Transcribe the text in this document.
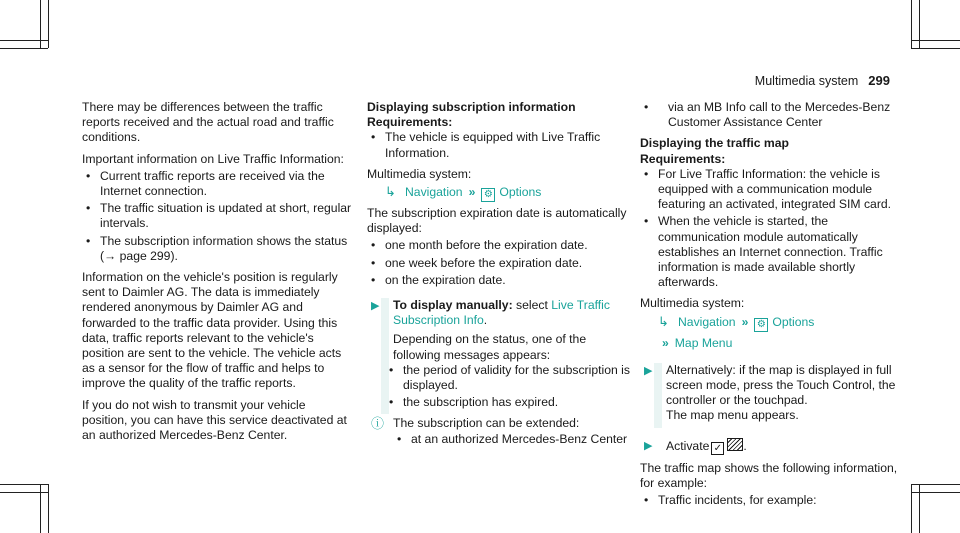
Multimedia system 299

There may be differences between the traffic reports received and the actual road and traffic conditions.

Important information on Live Traffic Information:

• Current traffic reports are received via the Internet connection.
• The traffic situation is updated at short, regular intervals.
• The subscription information shows the status (→ page 299).

Information on the vehicle's position is regularly sent to Daimler AG. The data is immediately rendered anonymous by Daimler AG and forwarded to the traffic data provider. Using this data, traffic reports relevant to the vehicle's position are sent to the vehicle. The vehicle acts as a sensor for the flow of traffic and helps to improve the quality of the traffic reports.

If you do not wish to transmit your vehicle position, you can have this service deactivated at an authorized Mercedes-Benz Center.

Displaying subscription information
Requirements:
• The vehicle is equipped with Live Traffic Information.
Multimedia system:
↳ Navigation » ⚙ Options

The subscription expiration date is automatically displayed:

• one month before the expiration date.
• one week before the expiration date.
• on the expiration date.
▶ To display manually: select Live Traffic Subscription Info.
Depending on the status, one of the following messages appears:
• the period of validity for the subscription is displayed.
• the subscription has expired.
ⓘ The subscription can be extended:
• at an authorized Mercedes-Benz Center
• via an MB Info call to the Mercedes-Benz Customer Assistance Center
Displaying the traffic map
Requirements:
• For Live Traffic Information: the vehicle is equipped with a communication module featuring an activated, integrated SIM card.
• When the vehicle is started, the communication module automatically establishes an Internet connection. Traffic information is made available shortly afterwards.
Multimedia system:
↳ Navigation » ⚙ Options
» Map Menu
▶ Alternatively: if the map is displayed in full screen mode, press the Touch Control, the controller or the touchpad.
The map menu appears.
▶ Activate ✓ .

The traffic map shows the following information, for example:

• Traffic incidents, for example:
